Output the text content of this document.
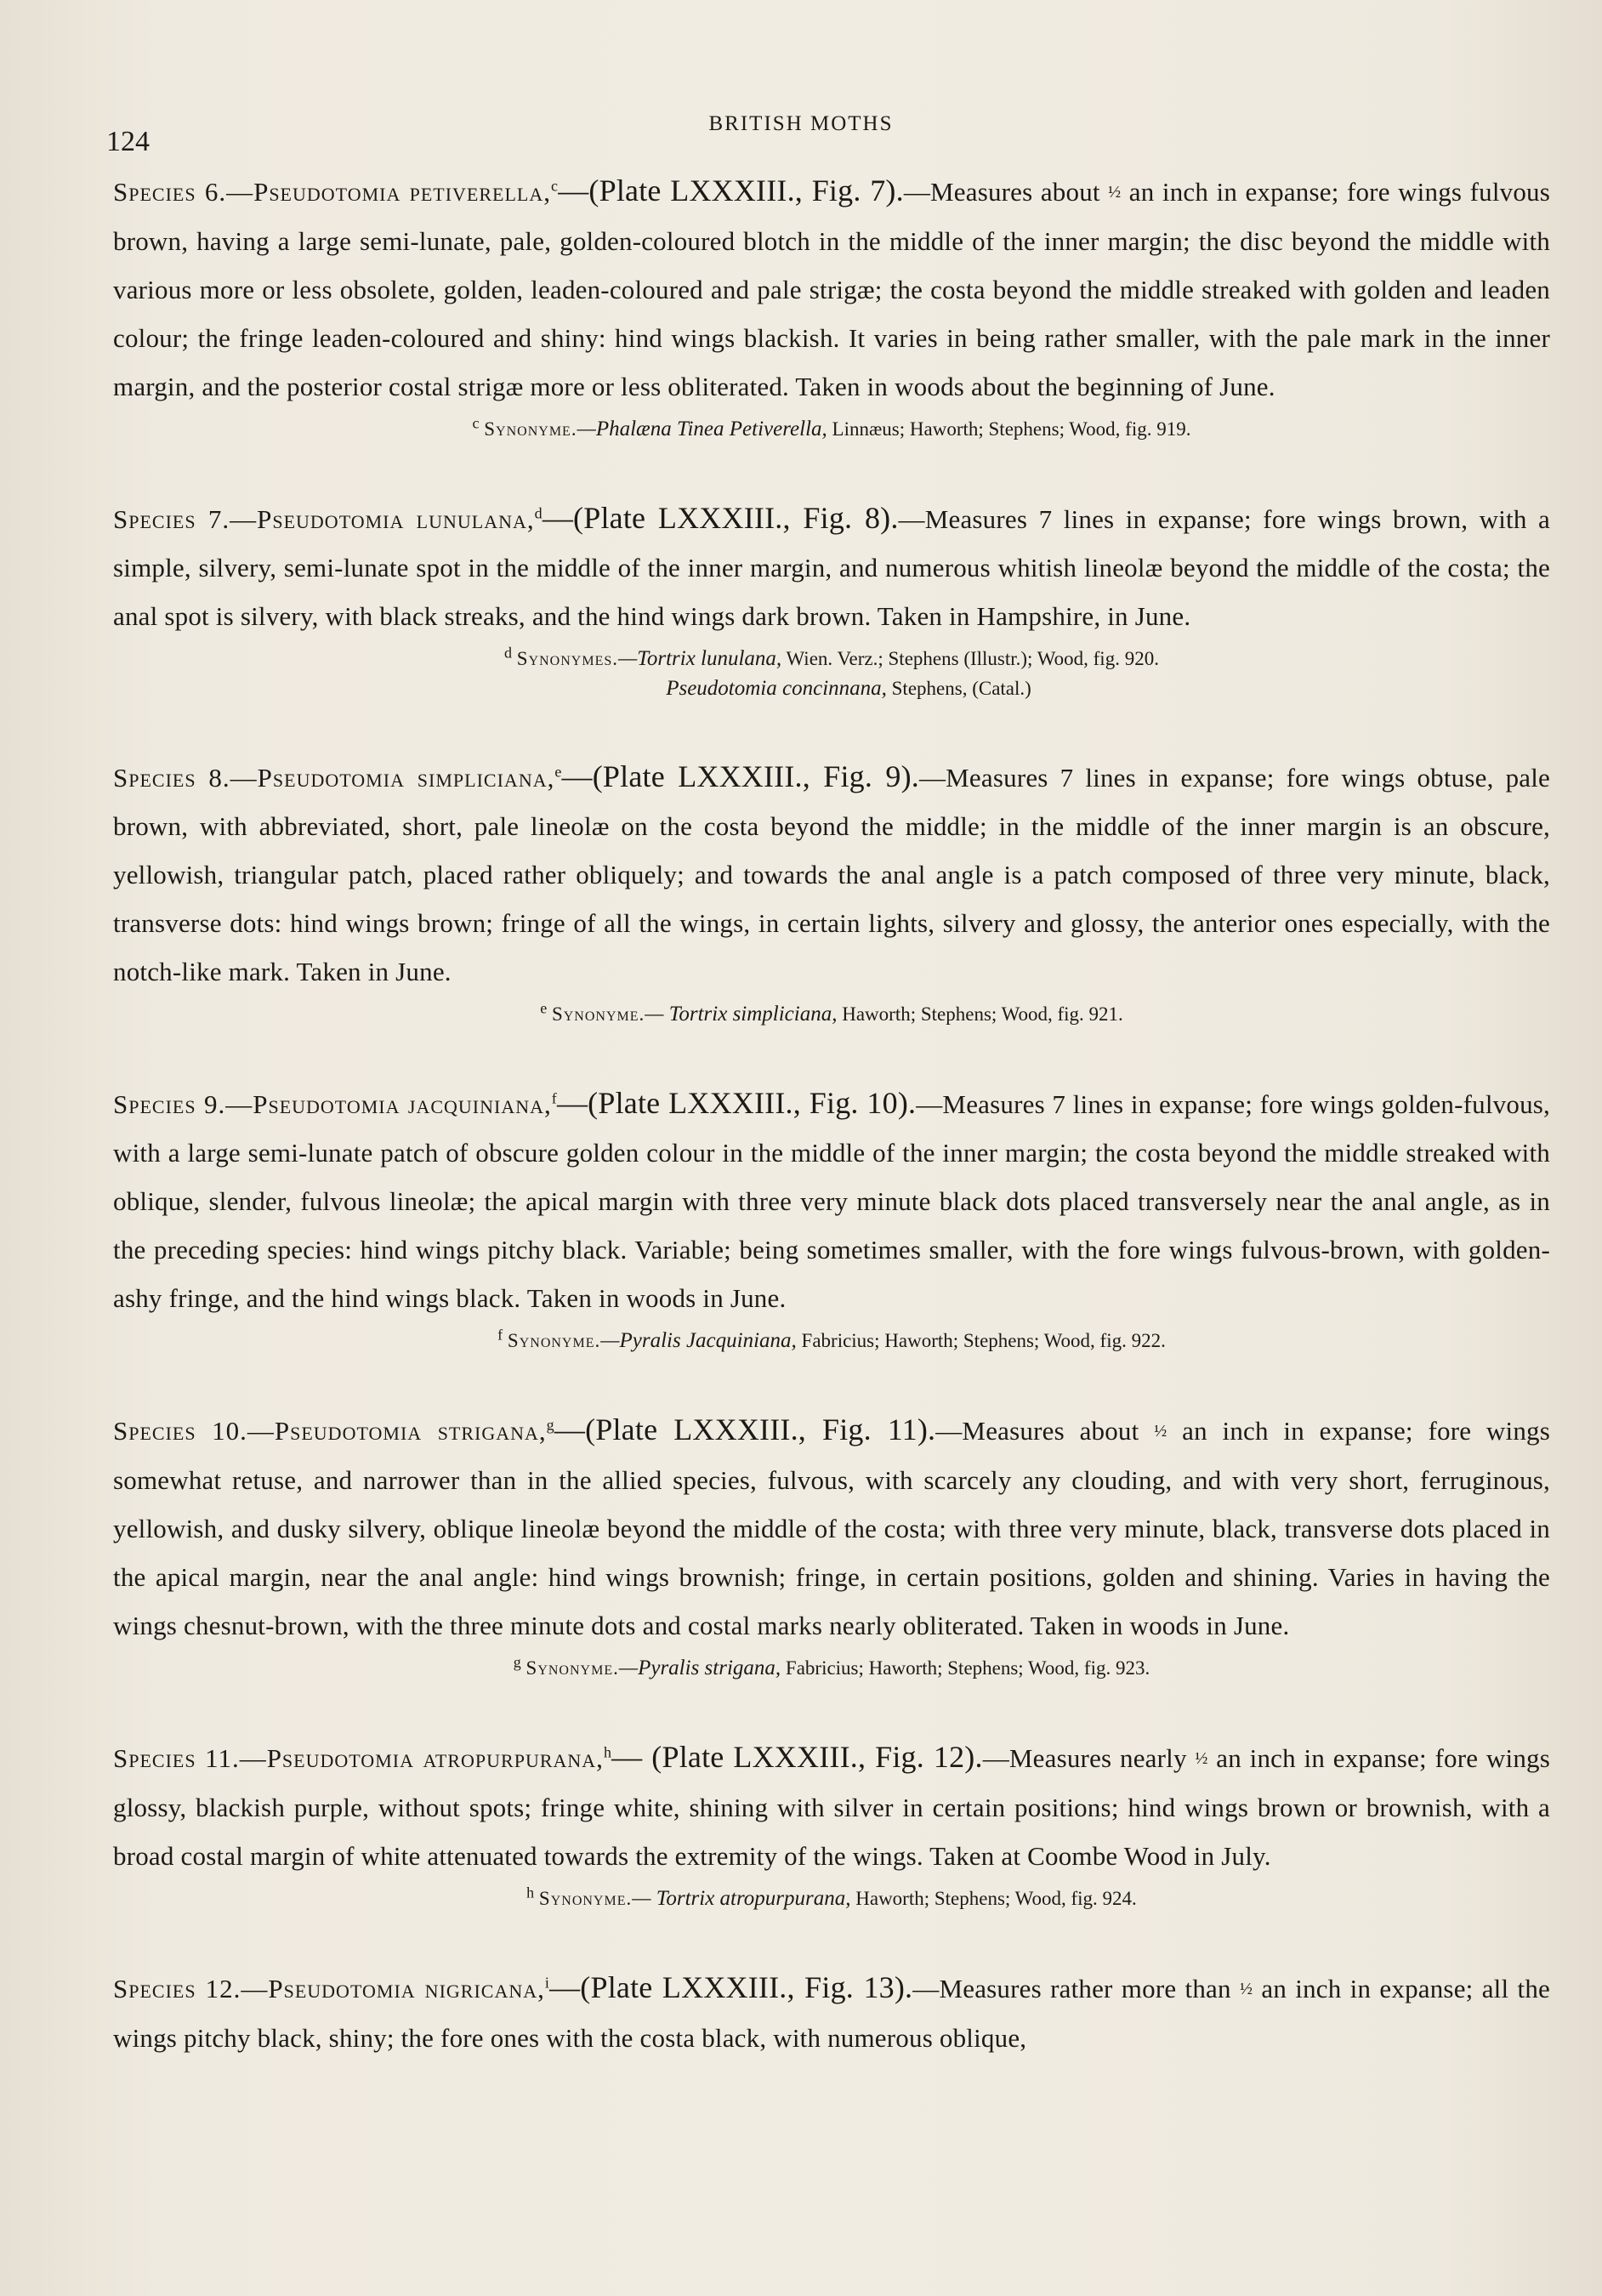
124
BRITISH MOTHS

Species 6.—Pseudotomia petiverella,$^c$—(Plate LXXXIII., Fig. 7).—Measures about ½ an inch in expanse; fore wings fulvous brown, having a large semi-lunate, pale, golden-coloured blotch in the middle of the inner margin; the disc beyond the middle with various more or less obsolete, golden, leaden-coloured and pale strigæ; the costa beyond the middle streaked with golden and leaden colour; the fringe leaden-coloured and shiny: hind wings blackish. It varies in being rather smaller, with the pale mark in the inner margin, and the posterior costal strigæ more or less obliterated. Taken in woods about the beginning of June.

$^c$ Synonyme.—Phalæna Tinea Petiverella, Linnæus; Haworth; Stephens; Wood, fig. 919.

Species 7.—Pseudotomia lunulana,$^d$—(Plate LXXXIII., Fig. 8).—Measures 7 lines in expanse; fore wings brown, with a simple, silvery, semi-lunate spot in the middle of the inner margin, and numerous whitish lineolæ beyond the middle of the costa; the anal spot is silvery, with black streaks, and the hind wings dark brown. Taken in Hampshire, in June.

$^d$ Synonymes.—Tortrix lunulana, Wien. Verz.; Stephens (Illustr.); Wood, fig. 920.
Pseudotomia concinnana, Stephens, (Catal.)

Species 8.—Pseudotomia simpliciana,$^e$—(Plate LXXXIII., Fig. 9).—Measures 7 lines in expanse; fore wings obtuse, pale brown, with abbreviated, short, pale lineolæ on the costa beyond the middle; in the middle of the inner margin is an obscure, yellowish, triangular patch, placed rather obliquely; and towards the anal angle is a patch composed of three very minute, black, transverse dots: hind wings brown; fringe of all the wings, in certain lights, silvery and glossy, the anterior ones especially, with the notch-like mark. Taken in June.

$^e$ Synonyme.— Tortrix simpliciana, Haworth; Stephens; Wood, fig. 921.

Species 9.—Pseudotomia jacquiniana,$^f$—(Plate LXXXIII., Fig. 10).—Measures 7 lines in expanse; fore wings golden-fulvous, with a large semi-lunate patch of obscure golden colour in the middle of the inner margin; the costa beyond the middle streaked with oblique, slender, fulvous lineolæ; the apical margin with three very minute black dots placed transversely near the anal angle, as in the preceding species: hind wings pitchy black. Variable; being sometimes smaller, with the fore wings fulvous-brown, with golden-ashy fringe, and the hind wings black. Taken in woods in June.

$^f$ Synonyme.—Pyralis Jacquiniana, Fabricius; Haworth; Stephens; Wood, fig. 922.

Species 10.—Pseudotomia strigana,$^g$—(Plate LXXXIII., Fig. 11).—Measures about ½ an inch in expanse; fore wings somewhat retuse, and narrower than in the allied species, fulvous, with scarcely any clouding, and with very short, ferruginous, yellowish, and dusky silvery, oblique lineolæ beyond the middle of the costa; with three very minute, black, transverse dots placed in the apical margin, near the anal angle: hind wings brownish; fringe, in certain positions, golden and shining. Varies in having the wings chesnut-brown, with the three minute dots and costal marks nearly obliterated. Taken in woods in June.

$^g$ Synonyme.—Pyralis strigana, Fabricius; Haworth; Stephens; Wood, fig. 923.

Species 11.—Pseudotomia atropurpurana,$^h$— (Plate LXXXIII., Fig. 12).—Measures nearly ½ an inch in expanse; fore wings glossy, blackish purple, without spots; fringe white, shining with silver in certain positions; hind wings brown or brownish, with a broad costal margin of white attenuated towards the extremity of the wings. Taken at Coombe Wood in July.

$^h$ Synonyme.— Tortrix atropurpurana, Haworth; Stephens; Wood, fig. 924.

Species 12.—Pseudotomia nigricana,$^i$—(Plate LXXXIII., Fig. 13).—Measures rather more than ½ an inch in expanse; all the wings pitchy black, shiny; the fore ones with the costa black, with numerous oblique,
